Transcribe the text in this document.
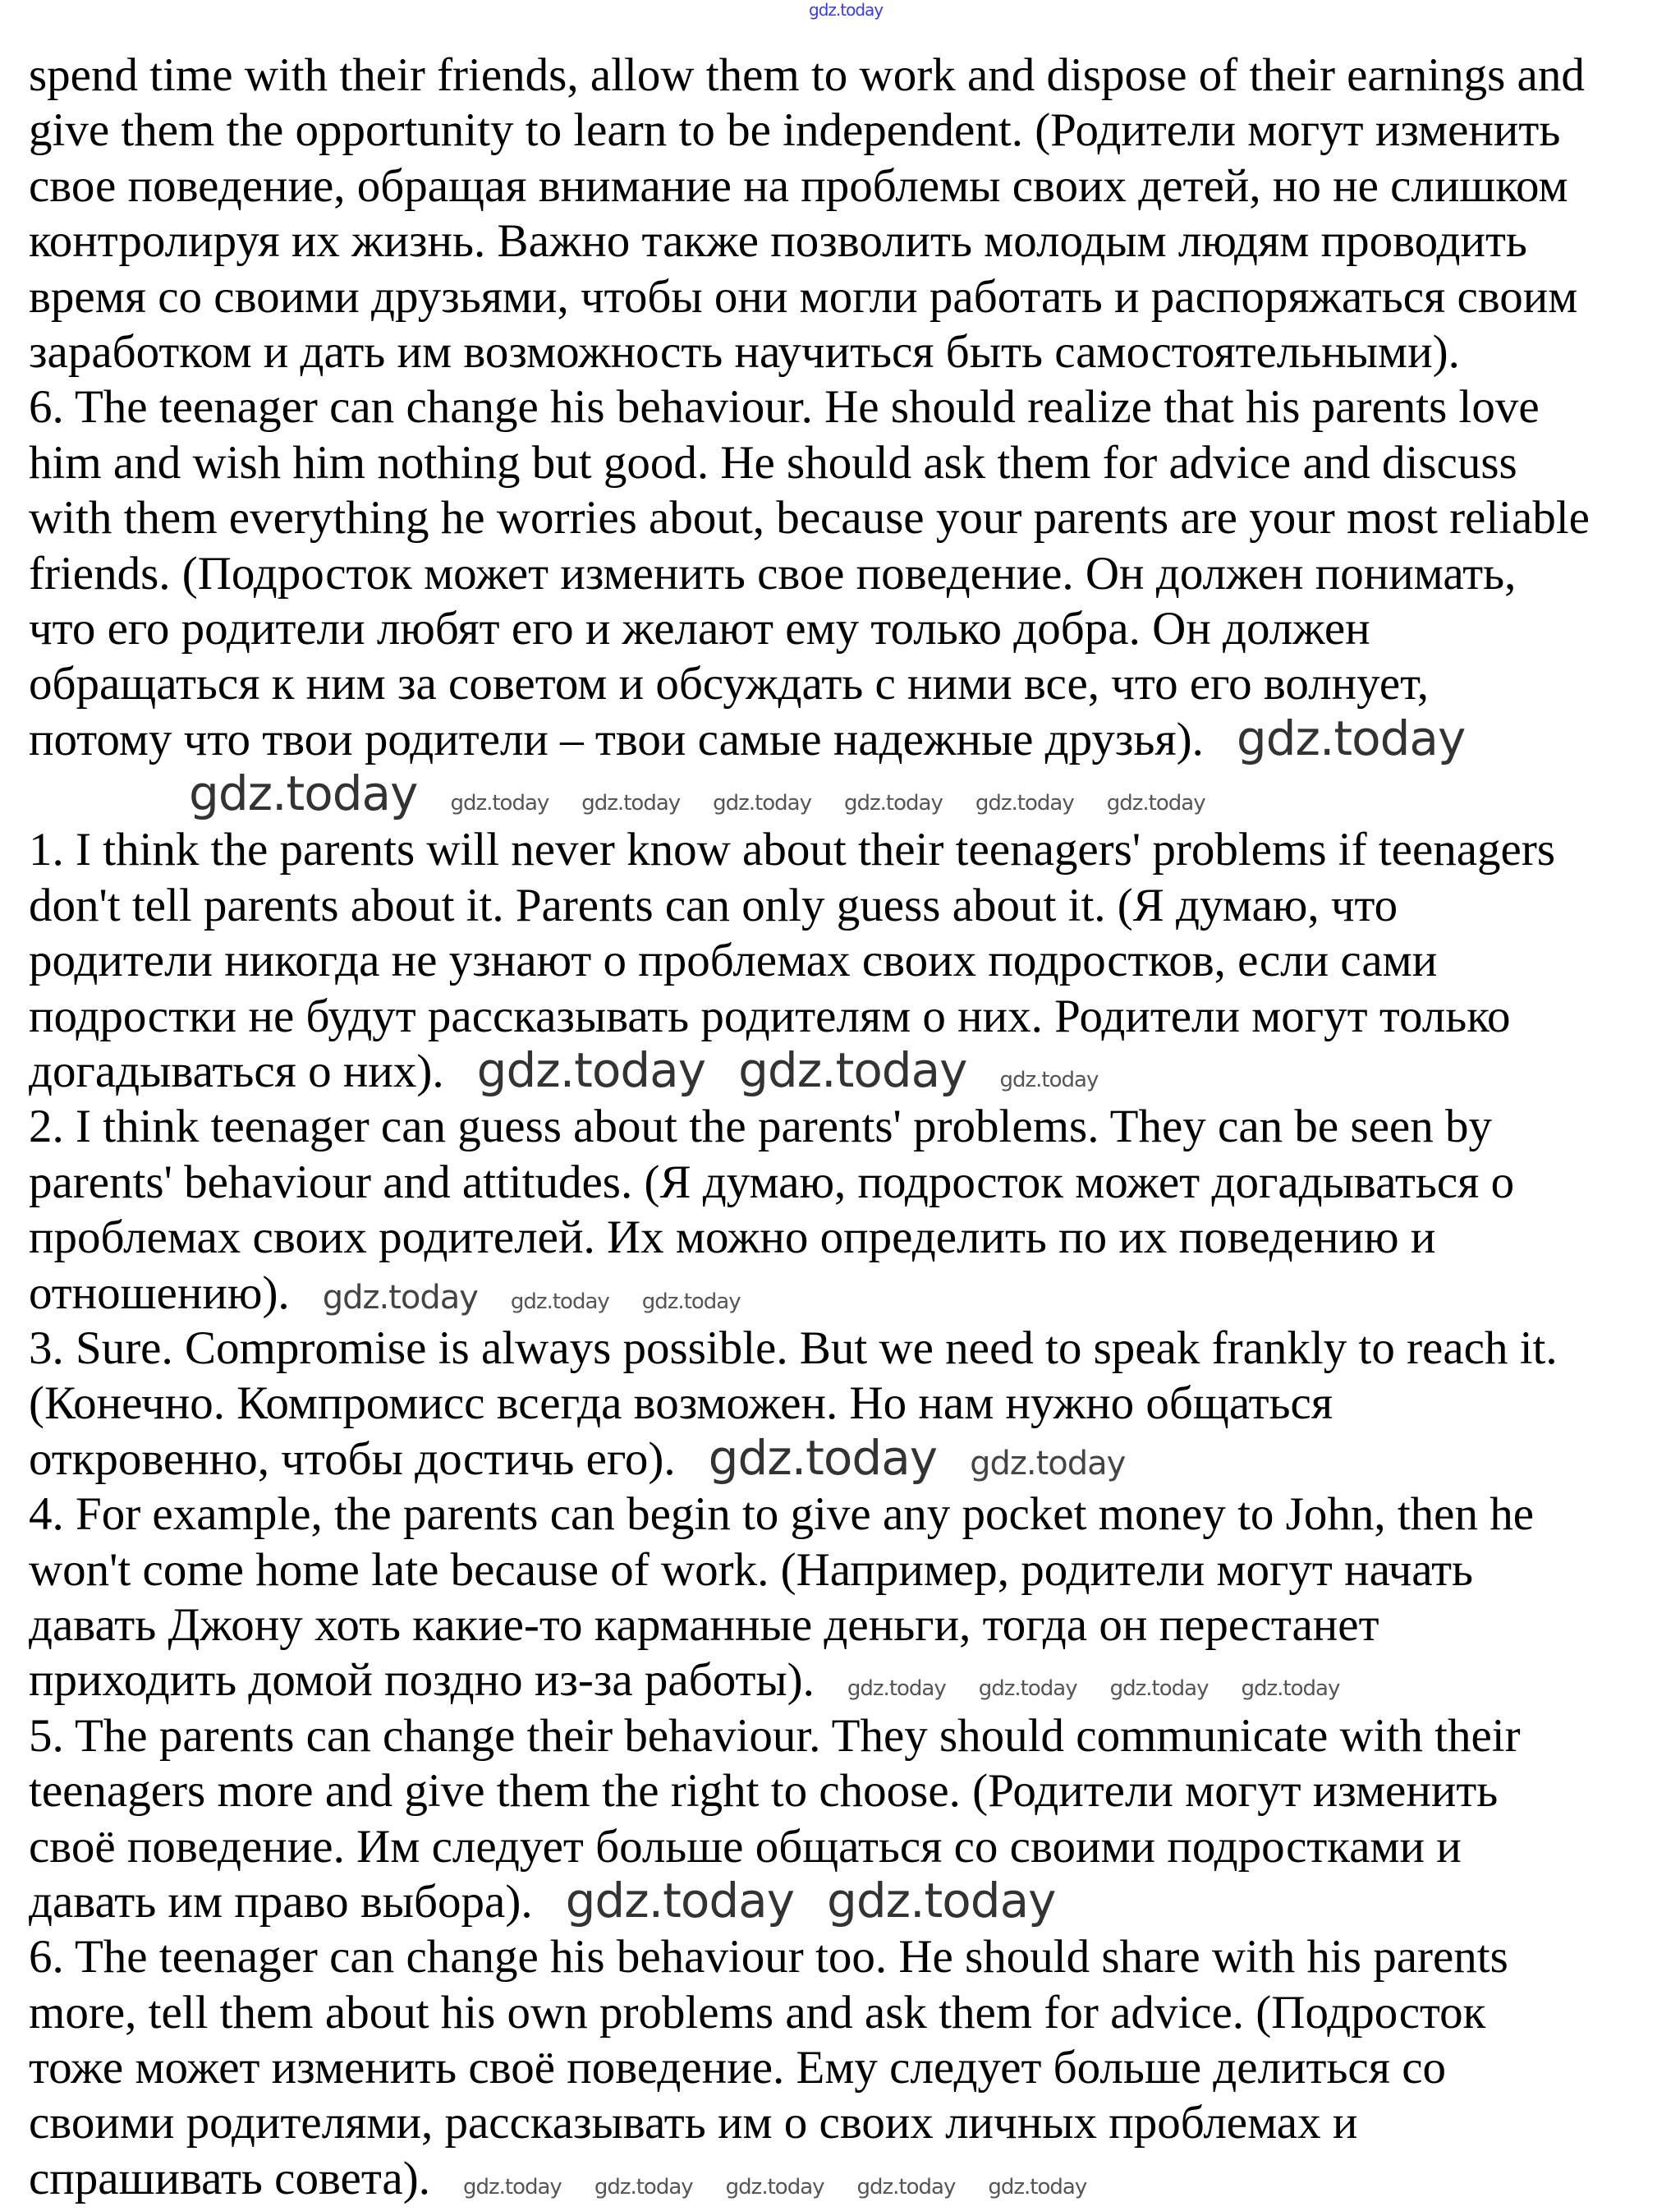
gdz.today
spend time with their friends, allow them to work and dispose of their earnings and
give them the opportunity to learn to be independent. (Родители могут изменить
свое поведение, обращая внимание на проблемы своих детей, но не слишком
контролируя их жизнь. Важно также позволить молодым людям проводить
время со своими друзьями, чтобы они могли работать и распоряжаться своим
заработком и дать им возможность научиться быть самостоятельными).
6. The teenager can change his behaviour. He should realize that his parents love
him and wish him nothing but good. He should ask them for advice and discuss
with them everything he worries about, because your parents are your most reliable
friends. (Подросток может изменить свое поведение. Он должен понимать,
что его родители любят его и желают ему только добра. Он должен
обращаться к ним за советом и обсуждать с ними все, что его волнует,
потому что твои родители – твои самые надежные друзья). gdz.today
gdz.today gdz.today gdz.today gdz.today gdz.today gdz.today gdz.today
1. I think the parents will never know about their teenagers' problems if teenagers
don't tell parents about it. Parents can only guess about it. (Я думаю, что
родители никогда не узнают о проблемах своих подростков, если сами
подростки не будут рассказывать родителям о них. Родители могут только
догадываться о них). gdz.today gdz.today gdz.today
2. I think teenager can guess about the parents' problems. They can be seen by
parents' behaviour and attitudes. (Я думаю, подросток может догадываться о
проблемах своих родителей. Их можно определить по их поведению и
отношению). gdz.today gdz.today gdz.today
3. Sure. Compromise is always possible. But we need to speak frankly to reach it.
(Конечно. Компромисс всегда возможен. Но нам нужно общаться
откровенно, чтобы достичь его). gdz.today gdz.today
4. For example, the parents can begin to give any pocket money to John, then he
won't come home late because of work. (Например, родители могут начать
давать Джону хоть какие-то карманные деньги, тогда он перестанет
приходить домой поздно из-за работы). gdz.today gdz.today gdz.today gdz.today
5. The parents can change their behaviour. They should communicate with their
teenagers more and give them the right to choose. (Родители могут изменить
своё поведение. Им следует больше общаться со своими подростками и
давать им право выбора). gdz.today gdz.today
6. The teenager can change his behaviour too. He should share with his parents
more, tell them about his own problems and ask them for advice. (Подросток
тоже может изменить своё поведение. Ему следует больше делиться со
своими родителями, рассказывать им о своих личных проблемах и
спрашивать совета). gdz.today gdz.today gdz.today gdz.today gdz.today
